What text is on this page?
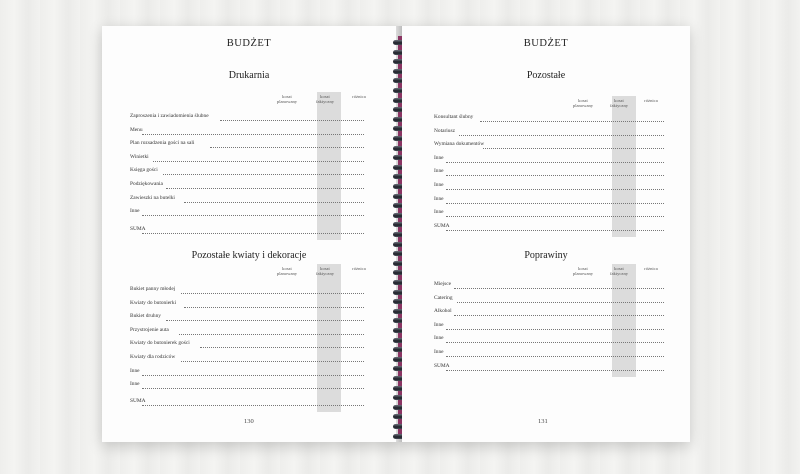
BUDŻET
Drukarnia
koszt planowany
koszt faktyczny
różnica
Zaproszenia i zawiadomienia ślubne
Menu
Plan rozsadzenia gości na sali
Winietki
Księga gości
Podziękowania
Zawieszki na butelki
Inne
SUMA
Pozostałe kwiaty i dekoracje
koszt planowany
koszt faktyczny
różnica
Bukiet panny młodej
Kwiaty do butonierki
Bukiet druhny
Przystrojenie auta
Kwiaty do butonierek gości
Kwiaty dla rodziców
Inne
Inne
SUMA
130
BUDŻET
Pozostałe
koszt planowany
koszt faktyczny
różnica
Konsultant ślubny
Notariusz
Wymiana dokumentów
Inne
Inne
Inne
Inne
Inne
SUMA
Poprawiny
koszt planowany
koszt faktyczny
różnica
Miejsce
Catering
Alkohol
Inne
Inne
Inne
SUMA
131
